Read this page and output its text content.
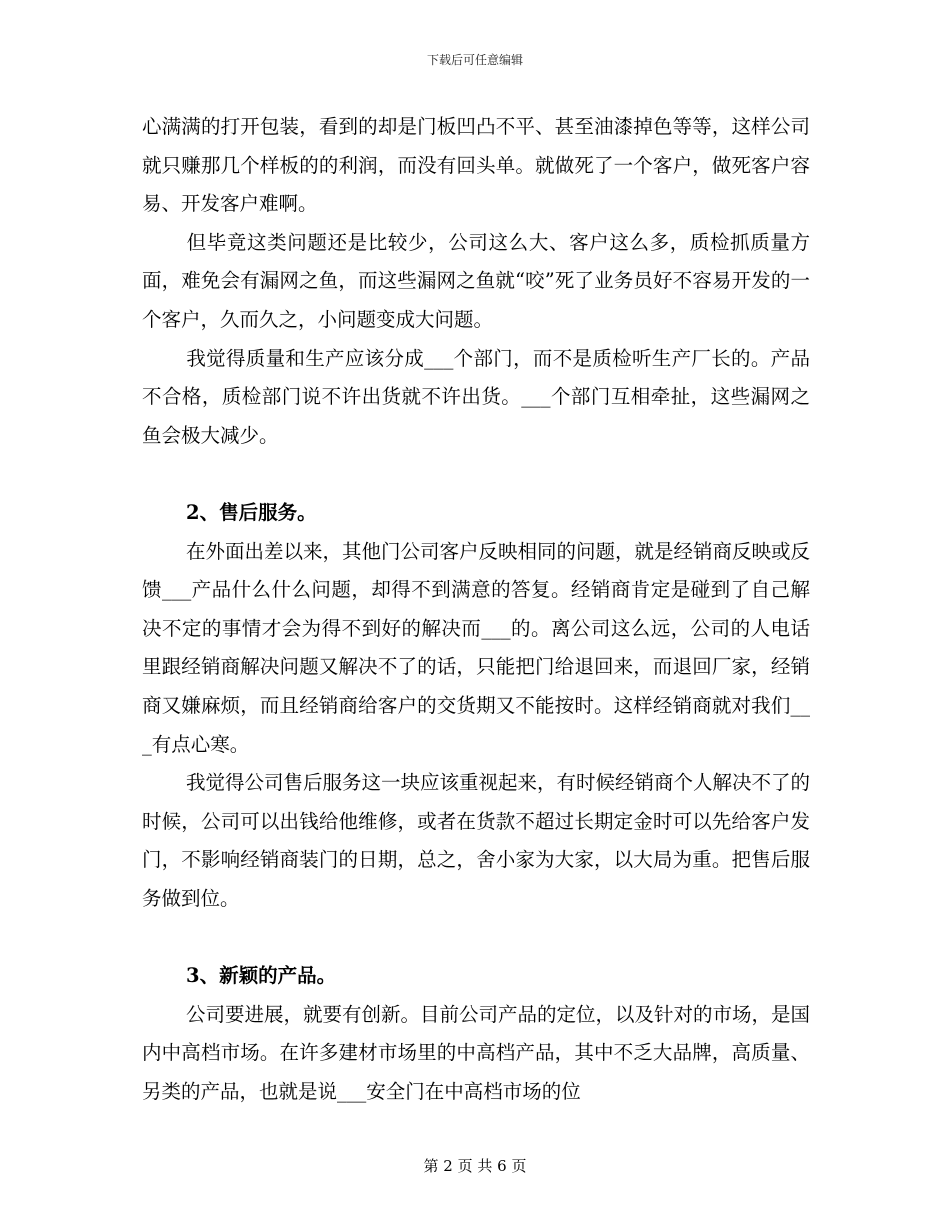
下载后可任意编辑

心满满的打开包装，看到的却是门板凹凸不平、甚至油漆掉色等等，这样公司就只赚那几个样板的的利润，而没有回头单。就做死了一个客户，做死客户容易、开发客户难啊。

但毕竟这类问题还是比较少，公司这么大、客户这么多，质检抓质量方面，难免会有漏网之鱼，而这些漏网之鱼就“咬”死了业务员好不容易开发的一个客户，久而久之，小问题变成大问题。

我觉得质量和生产应该分成___个部门，而不是质检听生产厂长的。产品不合格，质检部门说不许出货就不许出货。___个部门互相牵扯，这些漏网之鱼会极大减少。

2、售后服务。

在外面出差以来，其他门公司客户反映相同的问题，就是经销商反映或反馈___产品什么什么问题，却得不到满意的答复。经销商肯定是碰到了自己解决不定的事情才会为得不到好的解决而___的。离公司这么远，公司的人电话里跟经销商解决问题又解决不了的话，只能把门给退回来，而退回厂家，经销商又嫌麻烦，而且经销商给客户的交货期又不能按时。这样经销商就对我们___有点心寒。

我觉得公司售后服务这一块应该重视起来，有时候经销商个人解决不了的时候，公司可以出钱给他维修，或者在货款不超过长期定金时可以先给客户发门，不影响经销商装门的日期，总之，舍小家为大家，以大局为重。把售后服务做到位。

3、新颖的产品。

公司要进展，就要有创新。目前公司产品的定位，以及针对的市场，是国内中高档市场。在许多建材市场里的中高档产品，其中不乏大品牌，高质量、另类的产品，也就是说___安全门在中高档市场的位

第 2 页 共 6 页
